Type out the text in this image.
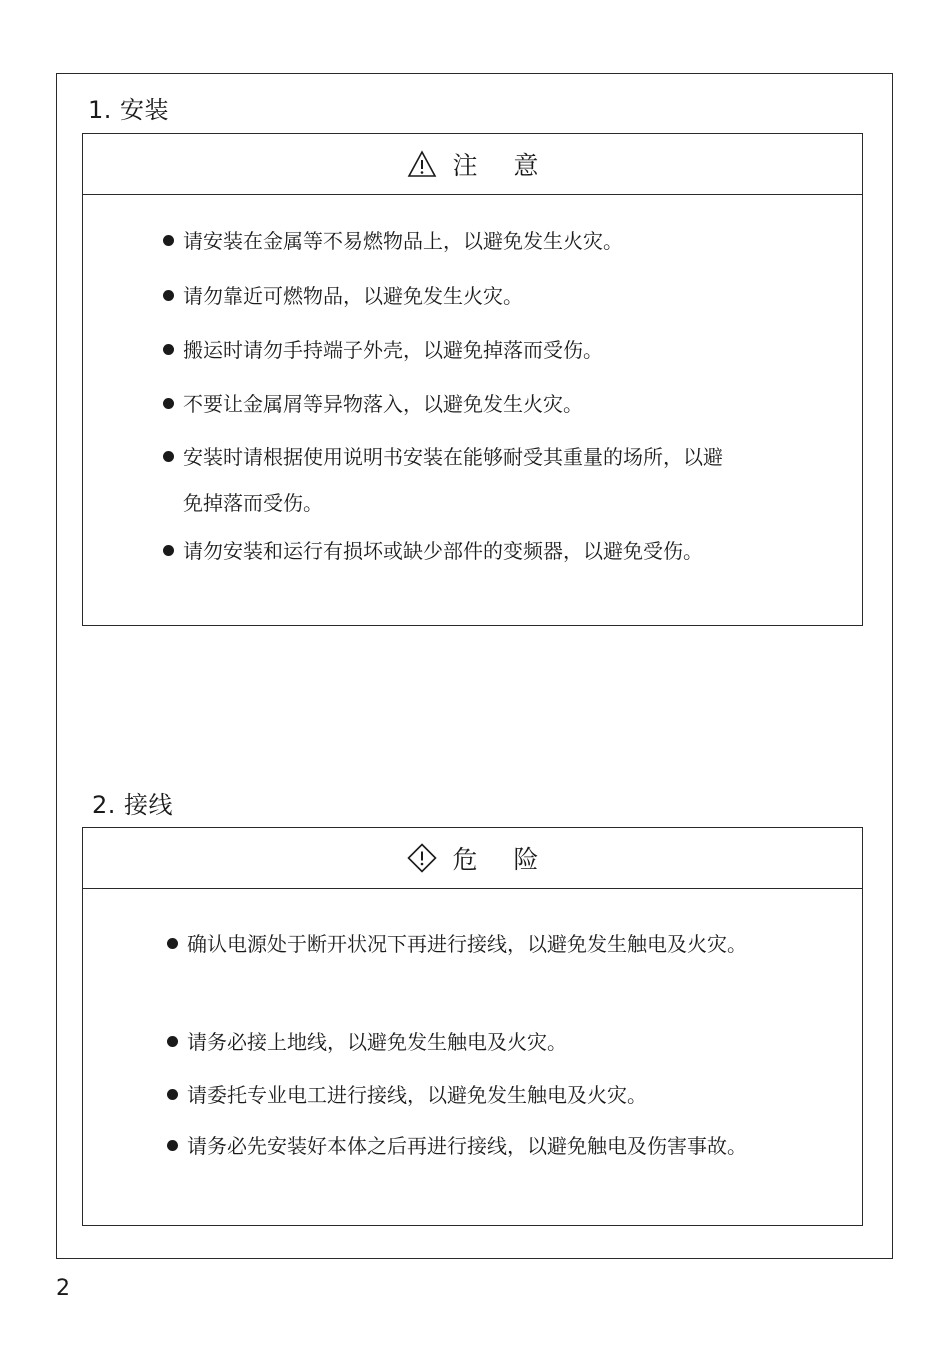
1. 安装
注 意
请安装在金属等不易燃物品上，以避免发生火灾。
请勿靠近可燃物品，以避免发生火灾。
搬运时请勿手持端子外壳，以避免掉落而受伤。
不要让金属屑等异物落入，以避免发生火灾。
安装时请根据使用说明书安装在能够耐受其重量的场所，以避免掉落而受伤。
请勿安装和运行有损坏或缺少部件的变频器，以避免受伤。
2. 接线
危 险
确认电源处于断开状况下再进行接线，以避免发生触电及火灾。
请务必接上地线，以避免发生触电及火灾。
请委托专业电工进行接线，以避免发生触电及火灾。
请务必先安装好本体之后再进行接线，以避免触电及伤害事故。
2
